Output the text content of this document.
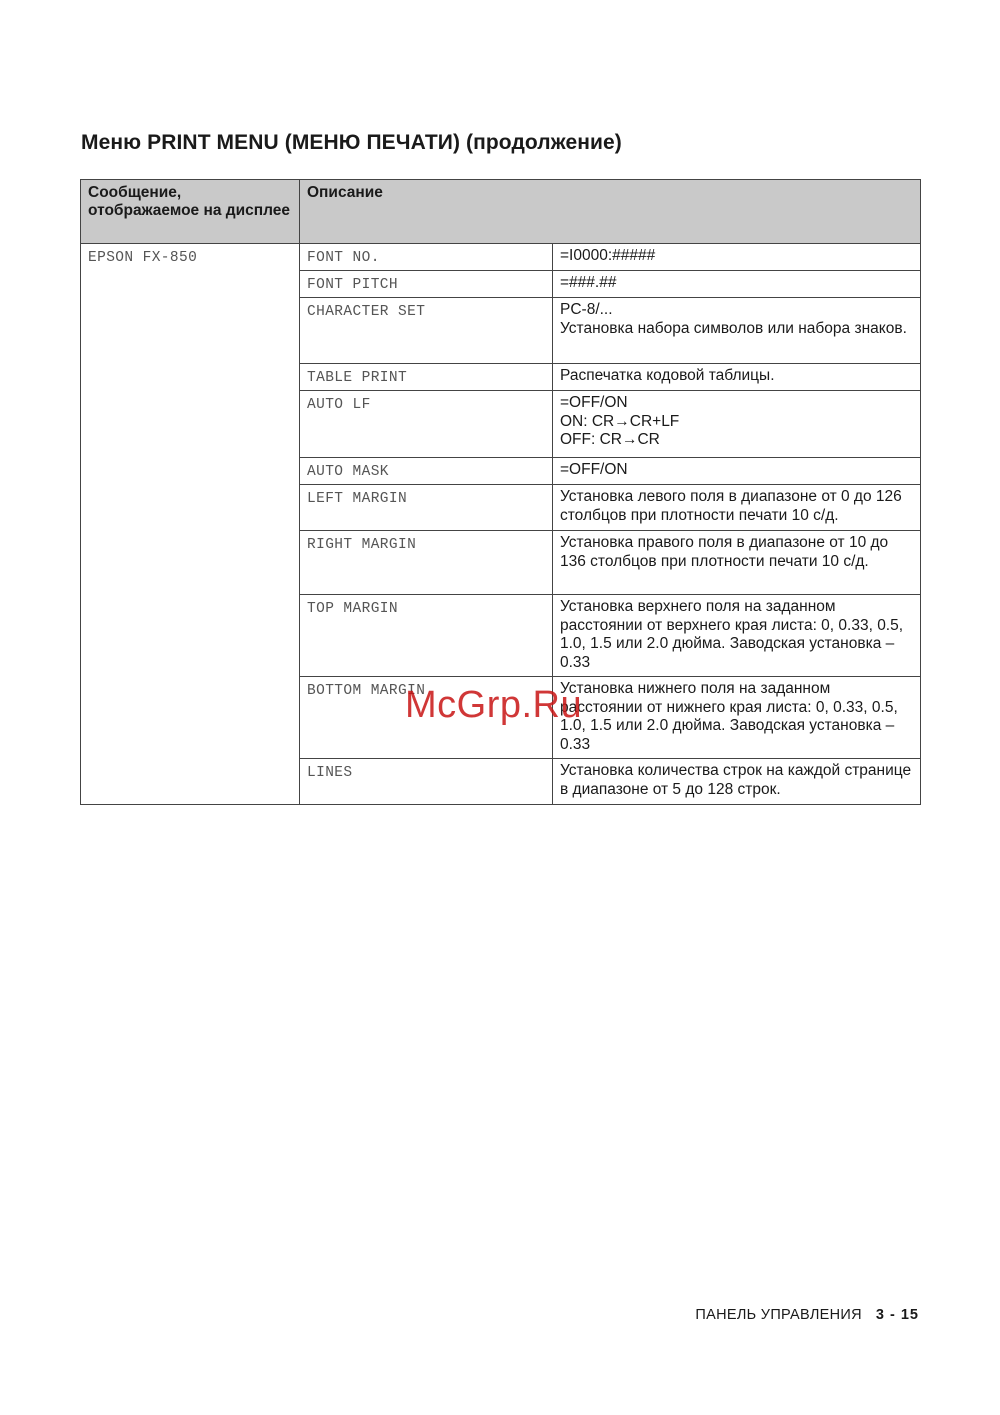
Меню PRINT MENU (МЕНЮ ПЕЧАТИ) (продолжение)
Сообщение, отображаемое на дисплее	Описание	

EPSON FX-850	FONT NO.	=I0000:#####

	FONT PITCH	=###.##

	CHARACTER SET	PC-8/...
Установка набора символов или набора знаков.

	TABLE PRINT	Распечатка кодовой таблицы.

	AUTO LF	=OFF/ON
ON: CR→CR+LF
OFF: CR→CR

	AUTO MASK	=OFF/ON

	LEFT MARGIN	Установка левого поля в диапазоне от 0 до 126 столбцов при плотности печати 10 с/д.

	RIGHT MARGIN	Установка правого поля в диапазоне от 10 до 136 столбцов при плотности печати 10 с/д.

	TOP MARGIN	Установка верхнего поля на заданном расстоянии от верхнего края листа: 0, 0.33, 0.5, 1.0, 1.5 или 2.0 дюйма. Заводская установка – 0.33

	BOTTOM MARGIN	Установка нижнего поля на заданном расстоянии от нижнего края листа: 0, 0.33, 0.5, 1.0, 1.5 или 2.0 дюйма. Заводская установка – 0.33

	LINES	Установка количества строк на каждой странице в диапазоне от 5 до 128 строк.
McGrp.Ru
ПАНЕЛЬ УПРАВЛЕНИЯ 3 - 15
